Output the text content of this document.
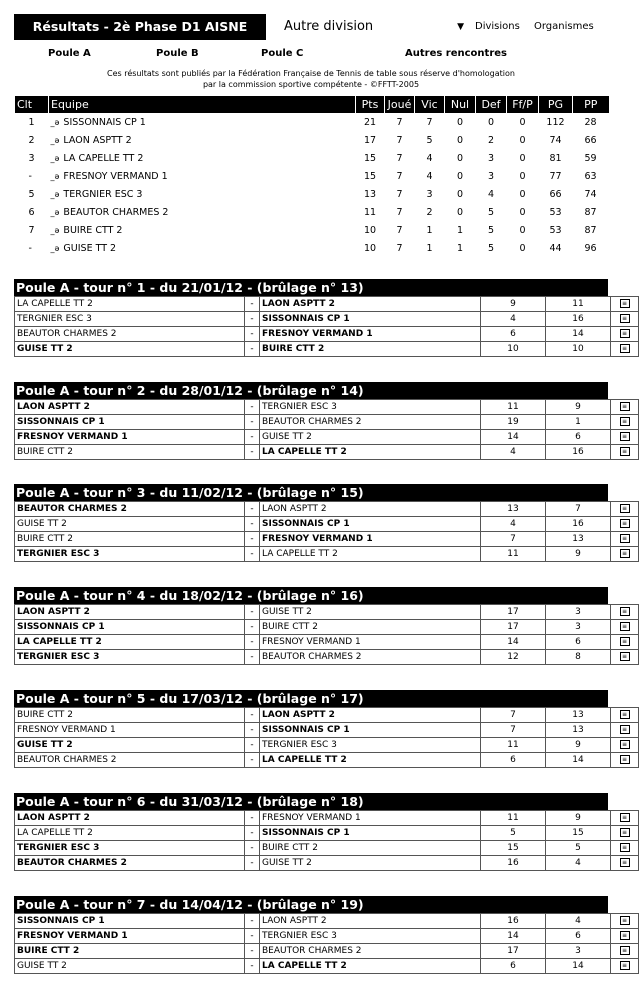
Résultats - 2è Phase D1 AISNE	Autre division	▼ Divisions Organismes
Poule A	Poule B	Poule C	Autres rencontres
Ces résultats sont publiés par la Fédération Française de Tennis de table sous réserve d'homologation
par la commission sportive compétente - ©FFTT-2005
Clt	Equipe	Pts	Joué	Vic	Nul	Def	Ff/P	PG	PP
1	_ə SISSONNAIS CP 1	21	7	7	0	0	0	112	28
2	_ə LAON ASPTT 2	17	7	5	0	2	0	74	66
3	_ə LA CAPELLE TT 2	15	7	4	0	3	0	81	59
-	_ə FRESNOY VERMAND 1	15	7	4	0	3	0	77	63
5	_ə TERGNIER ESC 3	13	7	3	0	4	0	66	74
6	_ə BEAUTOR CHARMES 2	11	7	2	0	5	0	53	87
7	_ə BUIRE CTT 2	10	7	1	1	5	0	53	87
-	_ə GUISE TT 2	10	7	1	1	5	0	44	96
Poule A - tour n° 1 - du 21/01/12 - (brûlage n° 13)
LA CAPELLE TT 2	-	LAON ASPTT 2	9	11	≡
TERGNIER ESC 3	-	SISSONNAIS CP 1	4	16	≡
BEAUTOR CHARMES 2	-	FRESNOY VERMAND 1	6	14	≡
GUISE TT 2	-	BUIRE CTT 2	10	10	≡
Poule A - tour n° 2 - du 28/01/12 - (brûlage n° 14)
LAON ASPTT 2	-	TERGNIER ESC 3	11	9	≡
SISSONNAIS CP 1	-	BEAUTOR CHARMES 2	19	1	≡
FRESNOY VERMAND 1	-	GUISE TT 2	14	6	≡
BUIRE CTT 2	-	LA CAPELLE TT 2	4	16	≡
Poule A - tour n° 3 - du 11/02/12 - (brûlage n° 15)
BEAUTOR CHARMES 2	-	LAON ASPTT 2	13	7	≡
GUISE TT 2	-	SISSONNAIS CP 1	4	16	≡
BUIRE CTT 2	-	FRESNOY VERMAND 1	7	13	≡
TERGNIER ESC 3	-	LA CAPELLE TT 2	11	9	≡
Poule A - tour n° 4 - du 18/02/12 - (brûlage n° 16)
LAON ASPTT 2	-	GUISE TT 2	17	3	≡
SISSONNAIS CP 1	-	BUIRE CTT 2	17	3	≡
LA CAPELLE TT 2	-	FRESNOY VERMAND 1	14	6	≡
TERGNIER ESC 3	-	BEAUTOR CHARMES 2	12	8	≡
Poule A - tour n° 5 - du 17/03/12 - (brûlage n° 17)
BUIRE CTT 2	-	LAON ASPTT 2	7	13	≡
FRESNOY VERMAND 1	-	SISSONNAIS CP 1	7	13	≡
GUISE TT 2	-	TERGNIER ESC 3	11	9	≡
BEAUTOR CHARMES 2	-	LA CAPELLE TT 2	6	14	≡
Poule A - tour n° 6 - du 31/03/12 - (brûlage n° 18)
LAON ASPTT 2	-	FRESNOY VERMAND 1	11	9	≡
LA CAPELLE TT 2	-	SISSONNAIS CP 1	5	15	≡
TERGNIER ESC 3	-	BUIRE CTT 2	15	5	≡
BEAUTOR CHARMES 2	-	GUISE TT 2	16	4	≡
Poule A - tour n° 7 - du 14/04/12 - (brûlage n° 19)
SISSONNAIS CP 1	-	LAON ASPTT 2	16	4	≡
FRESNOY VERMAND 1	-	TERGNIER ESC 3	14	6	≡
BUIRE CTT 2	-	BEAUTOR CHARMES 2	17	3	≡
GUISE TT 2	-	LA CAPELLE TT 2	6	14	≡
